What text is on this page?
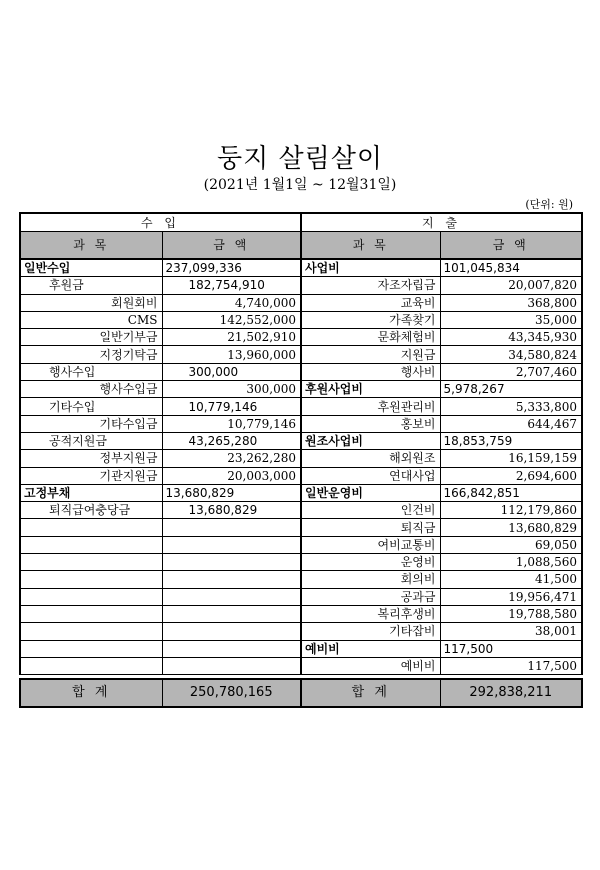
둥지 살림살이
(2021년 1월1일 ~ 12월31일)
(단위: 원)
수 입		지 출	
과 목	금 액	과 목	금 액
일반수입	237,099,336	사업비	101,045,834
후원금	182,754,910	자조자립금	20,007,820
회원회비	4,740,000	교육비	368,800
CMS	142,552,000	가족찾기	35,000
일반기부금	21,502,910	문화체험비	43,345,930
지정기탁금	13,960,000	지원금	34,580,824
행사수입	300,000	행사비	2,707,460
행사수입금	300,000	후원사업비	5,978,267
기타수입	10,779,146	후원관리비	5,333,800
기타수입금	10,779,146	홍보비	644,467
공적지원금	43,265,280	원조사업비	18,853,759
정부지원금	23,262,280	해외원조	16,159,159
기관지원금	20,003,000	연대사업	2,694,600
고정부채	13,680,829	일반운영비	166,842,851
퇴직급여충당금	13,680,829	인건비	112,179,860
		퇴직금	13,680,829
		여비교통비	69,050
		운영비	1,088,560
		회의비	41,500
		공과금	19,956,471
		복리후생비	19,788,580
		기타잡비	38,001
		예비비	117,500
		예비비	117,500

합 계	250,780,165	합 계	292,838,211
